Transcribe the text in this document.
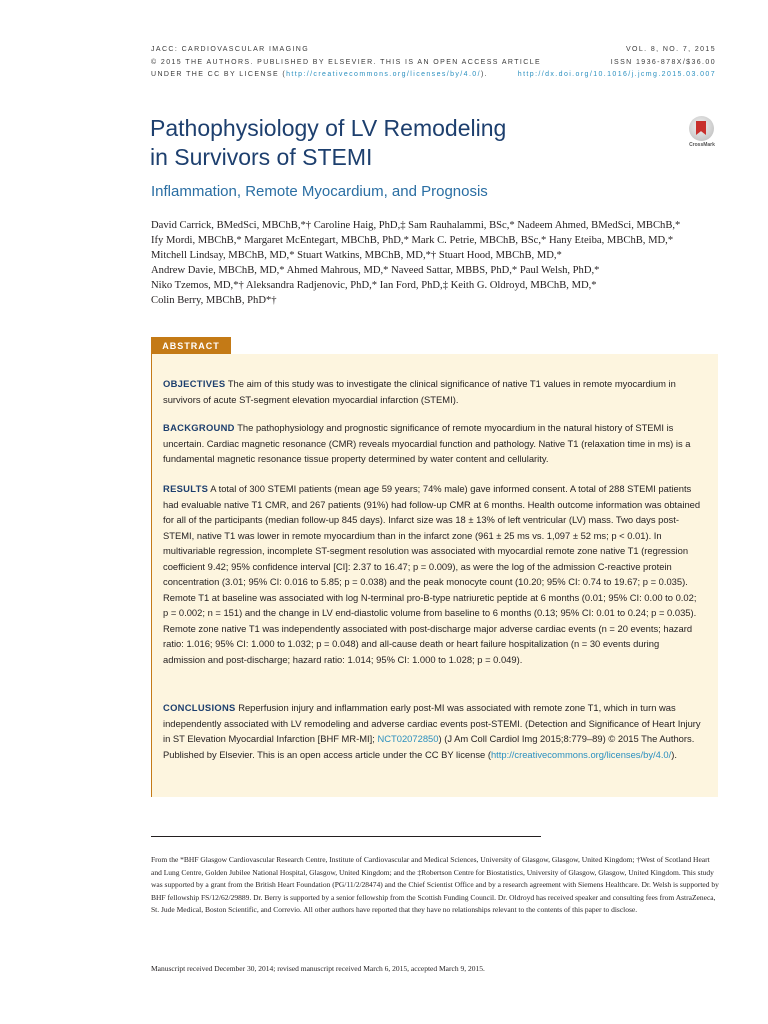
JACC: CARDIOVASCULAR IMAGING
© 2015 THE AUTHORS. PUBLISHED BY ELSEVIER. THIS IS AN OPEN ACCESS ARTICLE
UNDER THE CC BY LICENSE (http://creativecommons.org/licenses/by/4.0/).
VOL. 8, NO. 7, 2015
ISSN 1936-878X/$36.00
http://dx.doi.org/10.1016/j.jcmg.2015.03.007
Pathophysiology of LV Remodeling
in Survivors of STEMI
Inflammation, Remote Myocardium, and Prognosis
CrossMark
David Carrick, BMedSci, MBChB,*† Caroline Haig, PhD,‡ Sam Rauhalammi, BSc,* Nadeem Ahmed, BMedSci, MBChB,*
Ify Mordi, MBChB,* Margaret McEntegart, MBChB, PhD,* Mark C. Petrie, MBChB, BSc,* Hany Eteiba, MBChB, MD,*
Mitchell Lindsay, MBChB, MD,* Stuart Watkins, MBChB, MD,*† Stuart Hood, MBChB, MD,*
Andrew Davie, MBChB, MD,* Ahmed Mahrous, MD,* Naveed Sattar, MBBS, PhD,* Paul Welsh, PhD,*
Niko Tzemos, MD,*† Aleksandra Radjenovic, PhD,* Ian Ford, PhD,‡ Keith G. Oldroyd, MBChB, MD,*
Colin Berry, MBChB, PhD*†
ABSTRACT

OBJECTIVES The aim of this study was to investigate the clinical significance of native T1 values in remote myocardium in survivors of acute ST-segment elevation myocardial infarction (STEMI).

BACKGROUND The pathophysiology and prognostic significance of remote myocardium in the natural history of STEMI is uncertain. Cardiac magnetic resonance (CMR) reveals myocardial function and pathology. Native T1 (relaxation time in ms) is a fundamental magnetic resonance tissue property determined by water content and cellularity.

RESULTS A total of 300 STEMI patients (mean age 59 years; 74% male) gave informed consent. A total of 288 STEMI patients had evaluable native T1 CMR, and 267 patients (91%) had follow-up CMR at 6 months. Health outcome information was obtained for all of the participants (median follow-up 845 days). Infarct size was 18 ± 13% of left ventricular (LV) mass. Two days post-STEMI, native T1 was lower in remote myocardium than in the infarct zone (961 ± 25 ms vs. 1,097 ± 52 ms; p < 0.01). In multivariable regression, incomplete ST-segment resolution was associated with myocardial remote zone native T1 (regression coefficient 9.42; 95% confidence interval [CI]: 2.37 to 16.47; p = 0.009), as were the log of the admission C-reactive protein concentration (3.01; 95% CI: 0.016 to 5.85; p = 0.038) and the peak monocyte count (10.20; 95% CI: 0.74 to 19.67; p = 0.035). Remote T1 at baseline was associated with log N-terminal pro-B-type natriuretic peptide at 6 months (0.01; 95% CI: 0.00 to 0.02; p = 0.002; n = 151) and the change in LV end-diastolic volume from baseline to 6 months (0.13; 95% CI: 0.01 to 0.24; p = 0.035). Remote zone native T1 was independently associated with post-discharge major adverse cardiac events (n = 20 events; hazard ratio: 1.016; 95% CI: 1.000 to 1.032; p = 0.048) and all-cause death or heart failure hospitalization (n = 30 events during admission and post-discharge; hazard ratio: 1.014; 95% CI: 1.000 to 1.028; p = 0.049).

CONCLUSIONS Reperfusion injury and inflammation early post-MI was associated with remote zone T1, which in turn was independently associated with LV remodeling and adverse cardiac events post-STEMI. (Detection and Significance of Heart Injury in ST Elevation Myocardial Infarction [BHF MR-MI]; NCT02072850) (J Am Coll Cardiol Img 2015;8:779–89) © 2015 The Authors. Published by Elsevier. This is an open access article under the CC BY license (http://creativecommons.org/licenses/by/4.0/).

From the *BHF Glasgow Cardiovascular Research Centre, Institute of Cardiovascular and Medical Sciences, University of Glasgow, Glasgow, United Kingdom; †West of Scotland Heart and Lung Centre, Golden Jubilee National Hospital, Glasgow, United Kingdom; and the ‡Robertson Centre for Biostatistics, University of Glasgow, Glasgow, United Kingdom. This study was supported by a grant from the British Heart Foundation (PG/11/2/28474) and the Chief Scientist Office and by a research agreement with Siemens Healthcare. Dr. Welsh is supported by BHF fellowship FS/12/62/29889. Dr. Berry is supported by a senior fellowship from the Scottish Funding Council. Dr. Oldroyd has received speaker and consulting fees from AstraZeneca, St. Jude Medical, Boston Scientific, and Correvio. All other authors have reported that they have no relationships relevant to the contents of this paper to disclose.

Manuscript received December 30, 2014; revised manuscript received March 6, 2015, accepted March 9, 2015.
